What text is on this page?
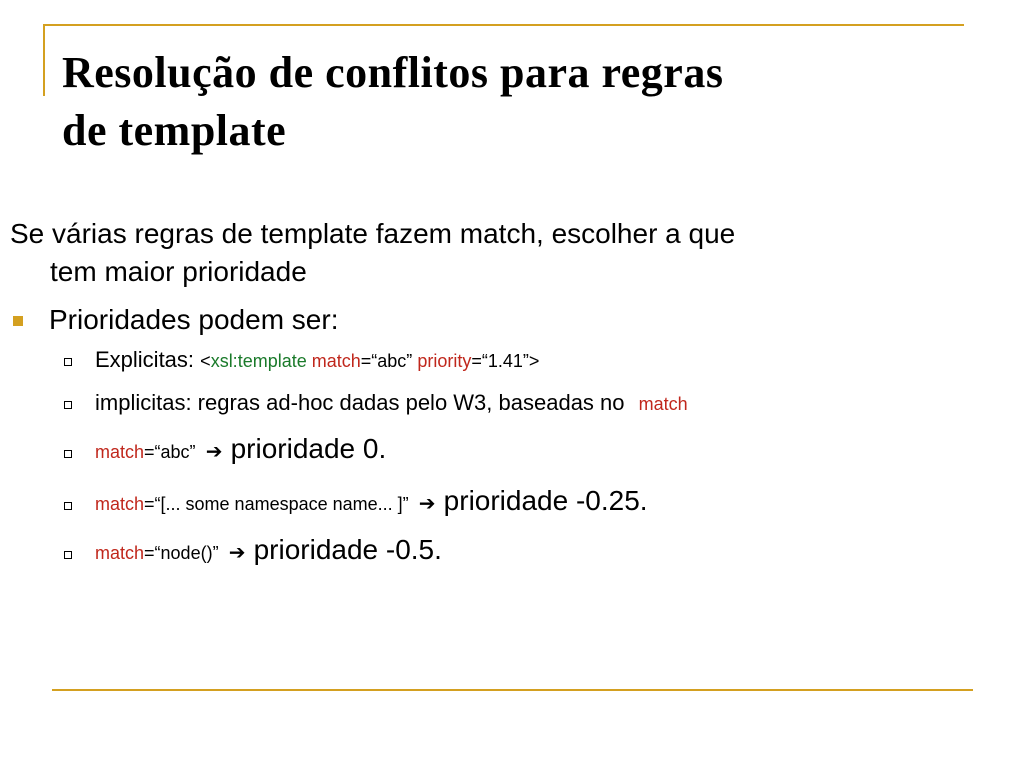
Resolução de conflitos para regras
de template

Se várias regras de template fazem match, escolher a que
tem maior prioridade

Prioridades podem ser:
Explicitas: <xsl:template match=“abc” priority=“1.41”>
implicitas: regras ad-hoc dadas pelo W3, baseadas no match
match=“abc” ➔ prioridade 0.
match=“[... some namespace name... ]” ➔ prioridade -0.25.
match=“node()” ➔ prioridade -0.5.
